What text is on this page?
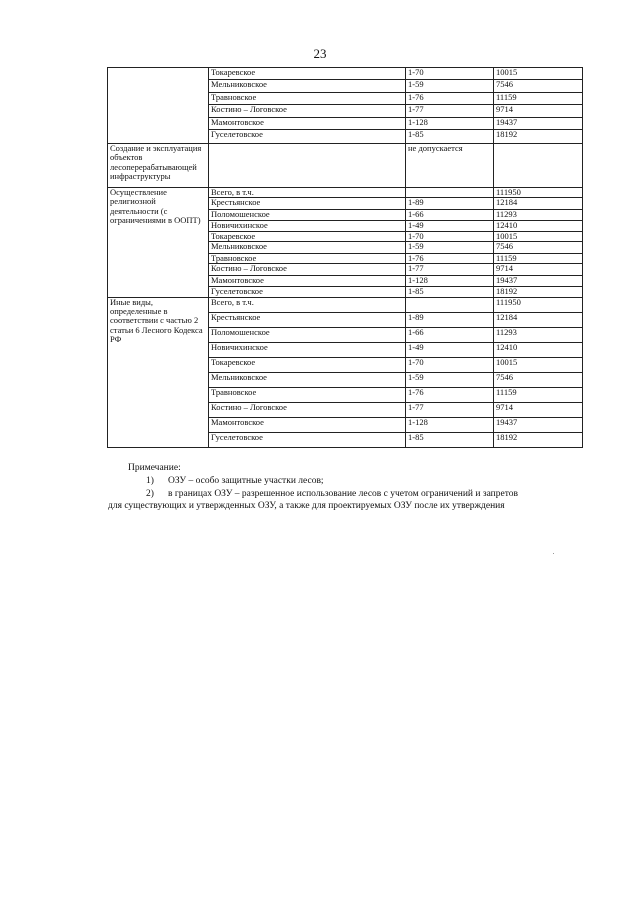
23
	Токаревское	1-70	10015
	Мельниковское	1-59	7546
	Травновское	1-76	11159
	Костино – Логовское	1-77	9714
	Мамонтовское	1-128	19437
	Гуселетовское	1-85	18192
Создание и эксплуатация объектов лесоперерабатывающей инфраструктуры		не допускается	
Осуществление религиозной деятельности (с ограничениями в ООПТ)	Всего, в т.ч.		111950
	Крестьянское	1-89	12184
	Поломошенское	1-66	11293
	Новичихинское	1-49	12410
	Токаревское	1-70	10015
	Мельниковское	1-59	7546
	Травновское	1-76	11159
	Костино – Логовское	1-77	9714
	Мамонтовское	1-128	19437
	Гуселетовское	1-85	18192
Иные виды, определенные в соответствии с частью 2 статьи 6 Лесного Кодекса РФ	Всего, в т.ч.		111950
	Крестьянское	1-89	12184
	Поломошенское	1-66	11293
	Новичихинское	1-49	12410
	Токаревское	1-70	10015
	Мельниковское	1-59	7546
	Травновское	1-76	11159
	Костино – Логовское	1-77	9714
	Мамонтовское	1-128	19437
	Гуселетовское	1-85	18192

Примечание:

1) ОЗУ – особо защитные участки лесов;

2) в границах ОЗУ – разрешенное использование лесов с учетом ограничений и запретов

для существующих и утвержденных ОЗУ, а также для проектируемых ОЗУ после их утверждения
